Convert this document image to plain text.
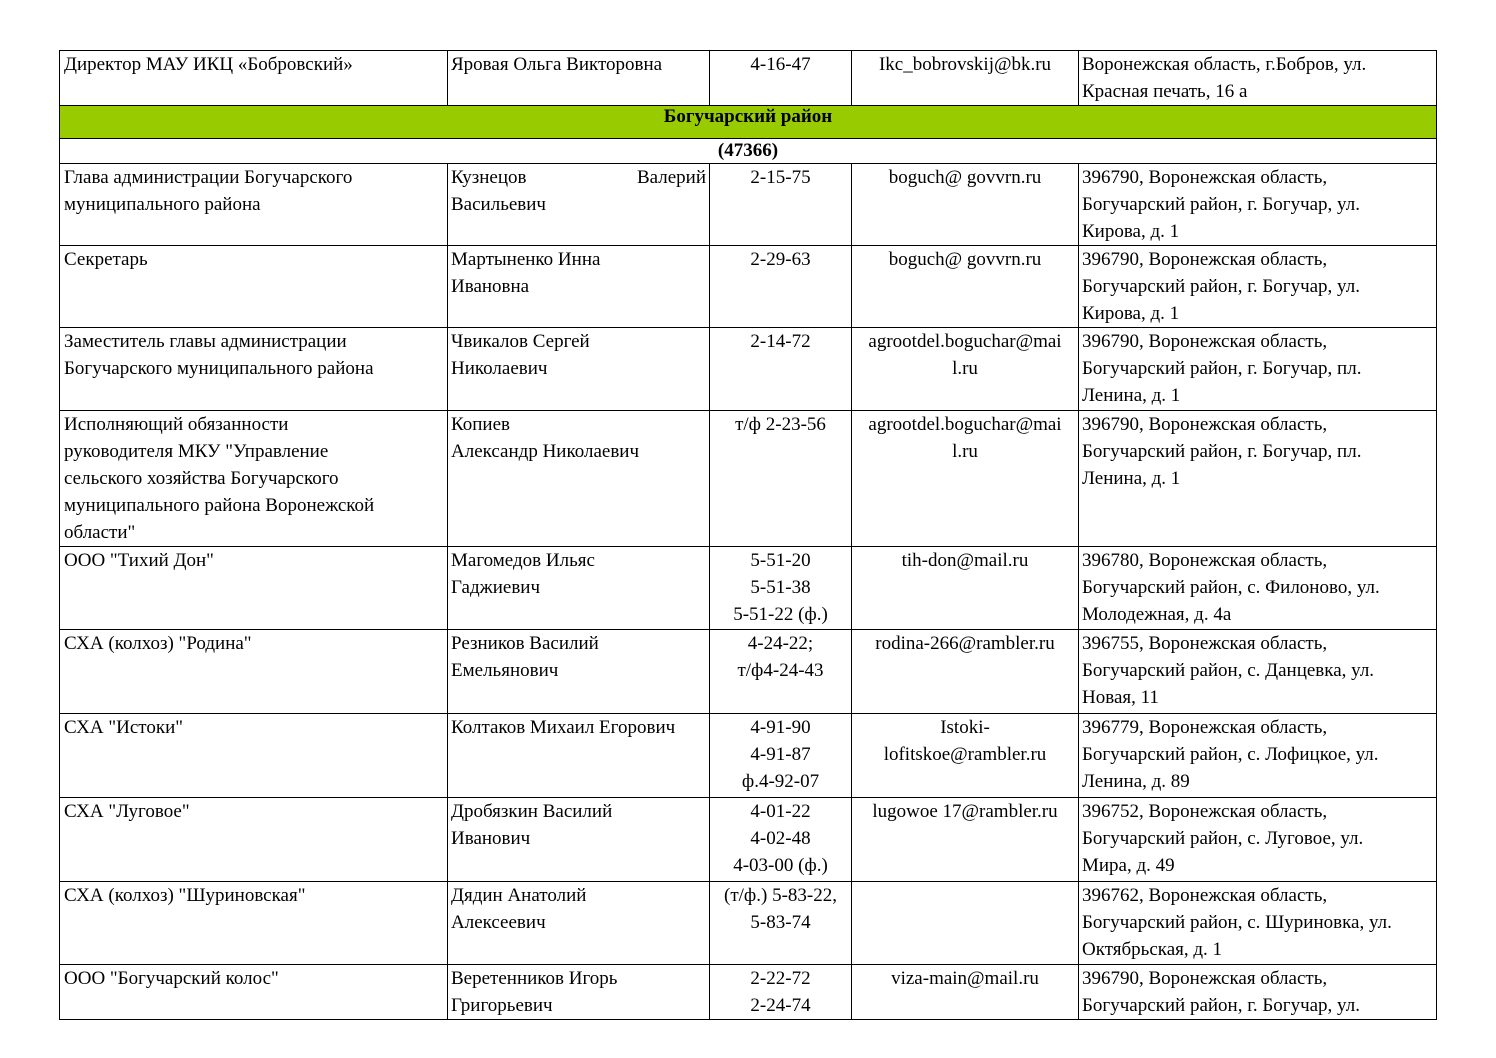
Директор МАУ ИКЦ «Бобровский»	Яровая Ольга Викторовна	4-16-47	Ikc_bobrovskij@bk.ru	Воронежская область, г.Бобров, ул.
Красная печать, 16 а

Богучарский район				
(47366)				

Глава администрации Богучарского
муниципального района	Кузнецов Валерий
Васильевич	2-15-75	boguch@ govvrn.ru	396790, Воронежская область,
Богучарский район, г. Богучар, ул.
Кирова, д. 1

Секретарь	Мартыненко Инна
Ивановна	2-29-63	boguch@ govvrn.ru	396790, Воронежская область,
Богучарский район, г. Богучар, ул.
Кирова, д. 1

Заместитель главы администрации
Богучарского муниципального района	Чвикалов Сергей
Николаевич	2-14-72	agrootdel.boguchar@mai
l.ru	396790, Воронежская область,
Богучарский район, г. Богучар, пл.
Ленина, д. 1

Исполняющий обязанности
руководителя МКУ "Управление
сельского хозяйства Богучарского
муниципального района Воронежской
области"	Копиев
Александр Николаевич	т/ф 2-23-56	agrootdel.boguchar@mai
l.ru	396790, Воронежская область,
Богучарский район, г. Богучар, пл.
Ленина, д. 1

ООО "Тихий Дон"	Магомедов Ильяс
Гаджиевич	5-51-20
5-51-38
5-51-22 (ф.)	tih-don@mail.ru	396780, Воронежская область,
Богучарский район, с. Филоново, ул.
Молодежная, д. 4а

СХА (колхоз) "Родина"	Резников Василий
Емельянович	4-24-22;
т/ф4-24-43	rodina-266@rambler.ru	396755, Воронежская область,
Богучарский район, с. Данцевка, ул.
Новая, 11

СХА "Истоки"	Колтаков Михаил Егорович	4-91-90
4-91-87
ф.4-92-07	Istoki-
lofitskoe@rambler.ru	396779, Воронежская область,
Богучарский район, с. Лофицкое, ул.
Ленина, д. 89

СХА "Луговое"	Дробязкин Василий
Иванович	4-01-22
4-02-48
4-03-00 (ф.)	lugowoe 17@rambler.ru	396752, Воронежская область,
Богучарский район, с. Луговое, ул.
Мира, д. 49

СХА (колхоз) "Шуриновская"	Дядин Анатолий
Алексеевич	(т/ф.) 5-83-22,
5-83-74		396762, Воронежская область,
Богучарский район, с. Шуриновка, ул.
Октябрьская, д. 1

ООО "Богучарский колос"	Веретенников Игорь
Григорьевич	2-22-72
2-24-74	viza-main@mail.ru	396790, Воронежская область,
Богучарский район, г. Богучар, ул.
